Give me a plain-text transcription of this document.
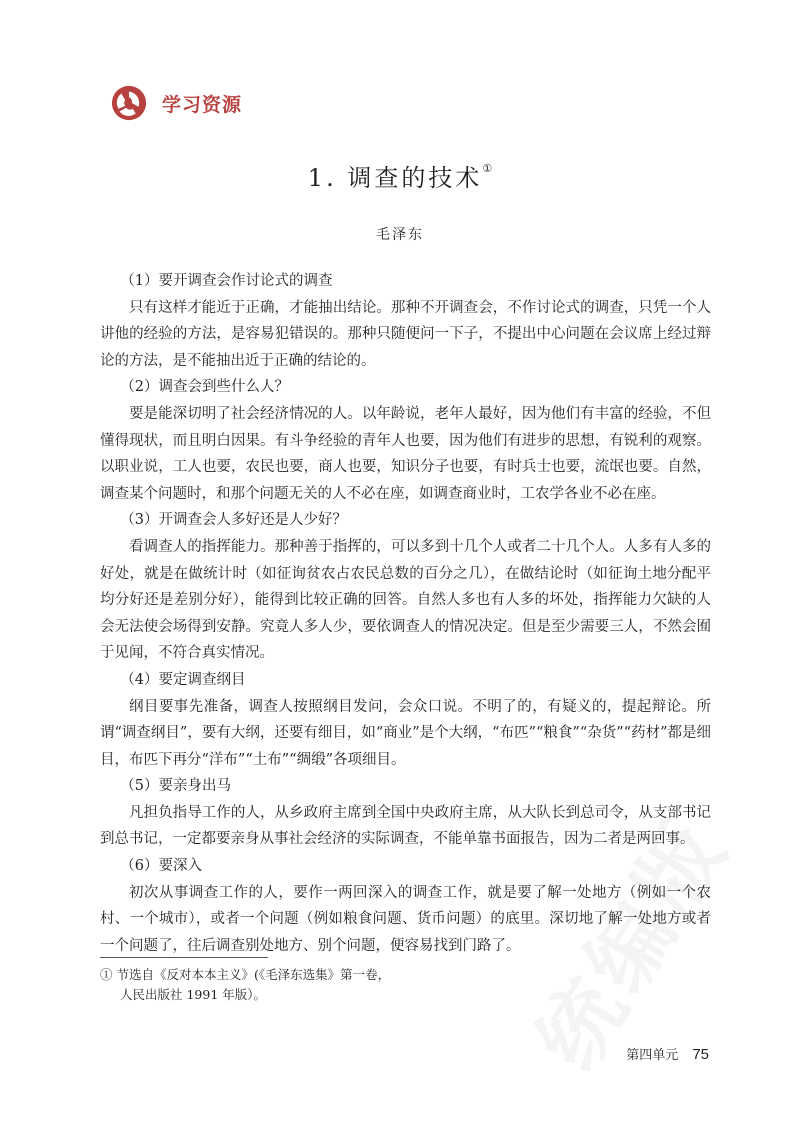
学习资源
1. 调查的技术①
毛泽东

（1）要开调查会作讨论式的调查

只有这样才能近于正确，才能抽出结论。那种不开调查会，不作讨论式的调查，只凭一个人讲他的经验的方法，是容易犯错误的。那种只随便问一下子，不提出中心问题在会议席上经过辩论的方法，是不能抽出近于正确的结论的。

（2）调查会到些什么人？

要是能深切明了社会经济情况的人。以年龄说，老年人最好，因为他们有丰富的经验，不但懂得现状，而且明白因果。有斗争经验的青年人也要，因为他们有进步的思想，有锐利的观察。以职业说，工人也要，农民也要，商人也要，知识分子也要，有时兵士也要，流氓也要。自然，调查某个问题时，和那个问题无关的人不必在座，如调查商业时，工农学各业不必在座。

（3）开调查会人多好还是人少好？

看调查人的指挥能力。那种善于指挥的，可以多到十几个人或者二十几个人。人多有人多的好处，就是在做统计时（如征询贫农占农民总数的百分之几），在做结论时（如征询土地分配平均分好还是差别分好），能得到比较正确的回答。自然人多也有人多的坏处，指挥能力欠缺的人会无法使会场得到安静。究竟人多人少，要依调查人的情况决定。但是至少需要三人，不然会囿于见闻，不符合真实情况。

（4）要定调查纲目

纲目要事先准备，调查人按照纲目发问，会众口说。不明了的，有疑义的，提起辩论。所谓“调查纲目”，要有大纲，还要有细目，如“商业”是个大纲，“布匹”“粮食”“杂货”“药材”都是细目，布匹下再分“洋布”“土布”“绸缎”各项细目。

（5）要亲身出马

凡担负指导工作的人，从乡政府主席到全国中央政府主席，从大队长到总司令，从支部书记到总书记，一定都要亲身从事社会经济的实际调查，不能单靠书面报告，因为二者是两回事。

（6）要深入

初次从事调查工作的人，要作一两回深入的调查工作，就是要了解一处地方（例如一个农村、一个城市），或者一个问题（例如粮食问题、货币问题）的底里。深切地了解一处地方或者一个问题了，往后调查别处地方、别个问题，便容易找到门路了。

① 节选自《反对本本主义》(《毛泽东选集》第一卷，
人民出版社 1991 年版）。
第四单元 75
